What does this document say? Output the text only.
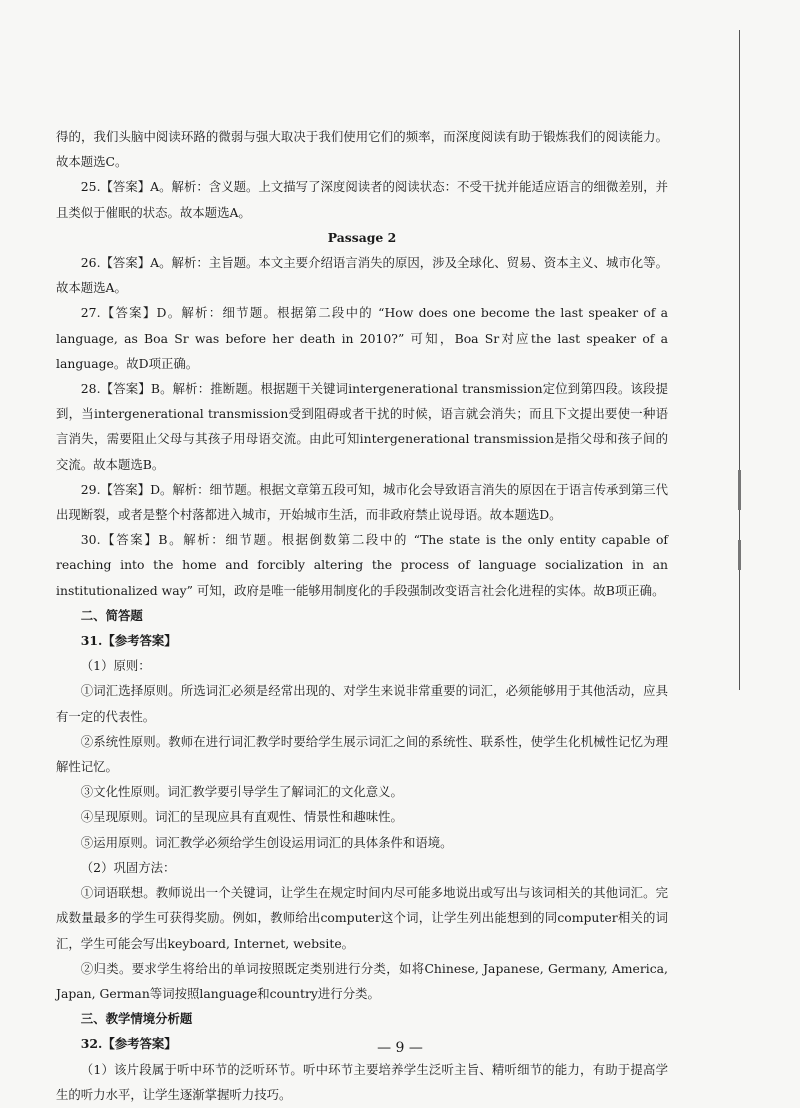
得的，我们头脑中阅读环路的微弱与强大取决于我们使用它们的频率，而深度阅读有助于锻炼我们的阅读能力。故本题选C。

25.【答案】A。解析：含义题。上文描写了深度阅读者的阅读状态：不受干扰并能适应语言的细微差别，并且类似于催眠的状态。故本题选A。

Passage 2

26.【答案】A。解析：主旨题。本文主要介绍语言消失的原因，涉及全球化、贸易、资本主义、城市化等。故本题选A。

27.【答案】D。解析：细节题。根据第二段中的 “How does one become the last speaker of a language, as Boa Sr was before her death in 2010?” 可知，Boa Sr对应the last speaker of a language。故D项正确。

28.【答案】B。解析：推断题。根据题干关键词intergenerational transmission定位到第四段。该段提到，当intergenerational transmission受到阻碍或者干扰的时候，语言就会消失；而且下文提出要使一种语言消失，需要阻止父母与其孩子用母语交流。由此可知intergenerational transmission是指父母和孩子间的交流。故本题选B。

29.【答案】D。解析：细节题。根据文章第五段可知，城市化会导致语言消失的原因在于语言传承到第三代出现断裂，或者是整个村落都进入城市，开始城市生活，而非政府禁止说母语。故本题选D。

30.【答案】B。解析：细节题。根据倒数第二段中的 “The state is the only entity capable of reaching into the home and forcibly altering the process of language socialization in an institutionalized way” 可知，政府是唯一能够用制度化的手段强制改变语言社会化进程的实体。故B项正确。

二、简答题

31.【参考答案】

（1）原则：

①词汇选择原则。所选词汇必须是经常出现的、对学生来说非常重要的词汇，必须能够用于其他活动，应具有一定的代表性。

②系统性原则。教师在进行词汇教学时要给学生展示词汇之间的系统性、联系性，使学生化机械性记忆为理解性记忆。

③文化性原则。词汇教学要引导学生了解词汇的文化意义。

④呈现原则。词汇的呈现应具有直观性、情景性和趣味性。

⑤运用原则。词汇教学必须给学生创设运用词汇的具体条件和语境。

（2）巩固方法：

①词语联想。教师说出一个关键词，让学生在规定时间内尽可能多地说出或写出与该词相关的其他词汇。完成数量最多的学生可获得奖励。例如，教师给出computer这个词，让学生列出能想到的同computer相关的词汇，学生可能会写出keyboard, Internet, website。

②归类。要求学生将给出的单词按照既定类别进行分类，如将Chinese, Japanese, Germany, America, Japan, German等词按照language和country进行分类。

三、教学情境分析题

32.【参考答案】

（1）该片段属于听中环节的泛听环节。听中环节主要培养学生泛听主旨、精听细节的能力，有助于提高学生的听力水平，让学生逐渐掌握听力技巧。

— 9 —
